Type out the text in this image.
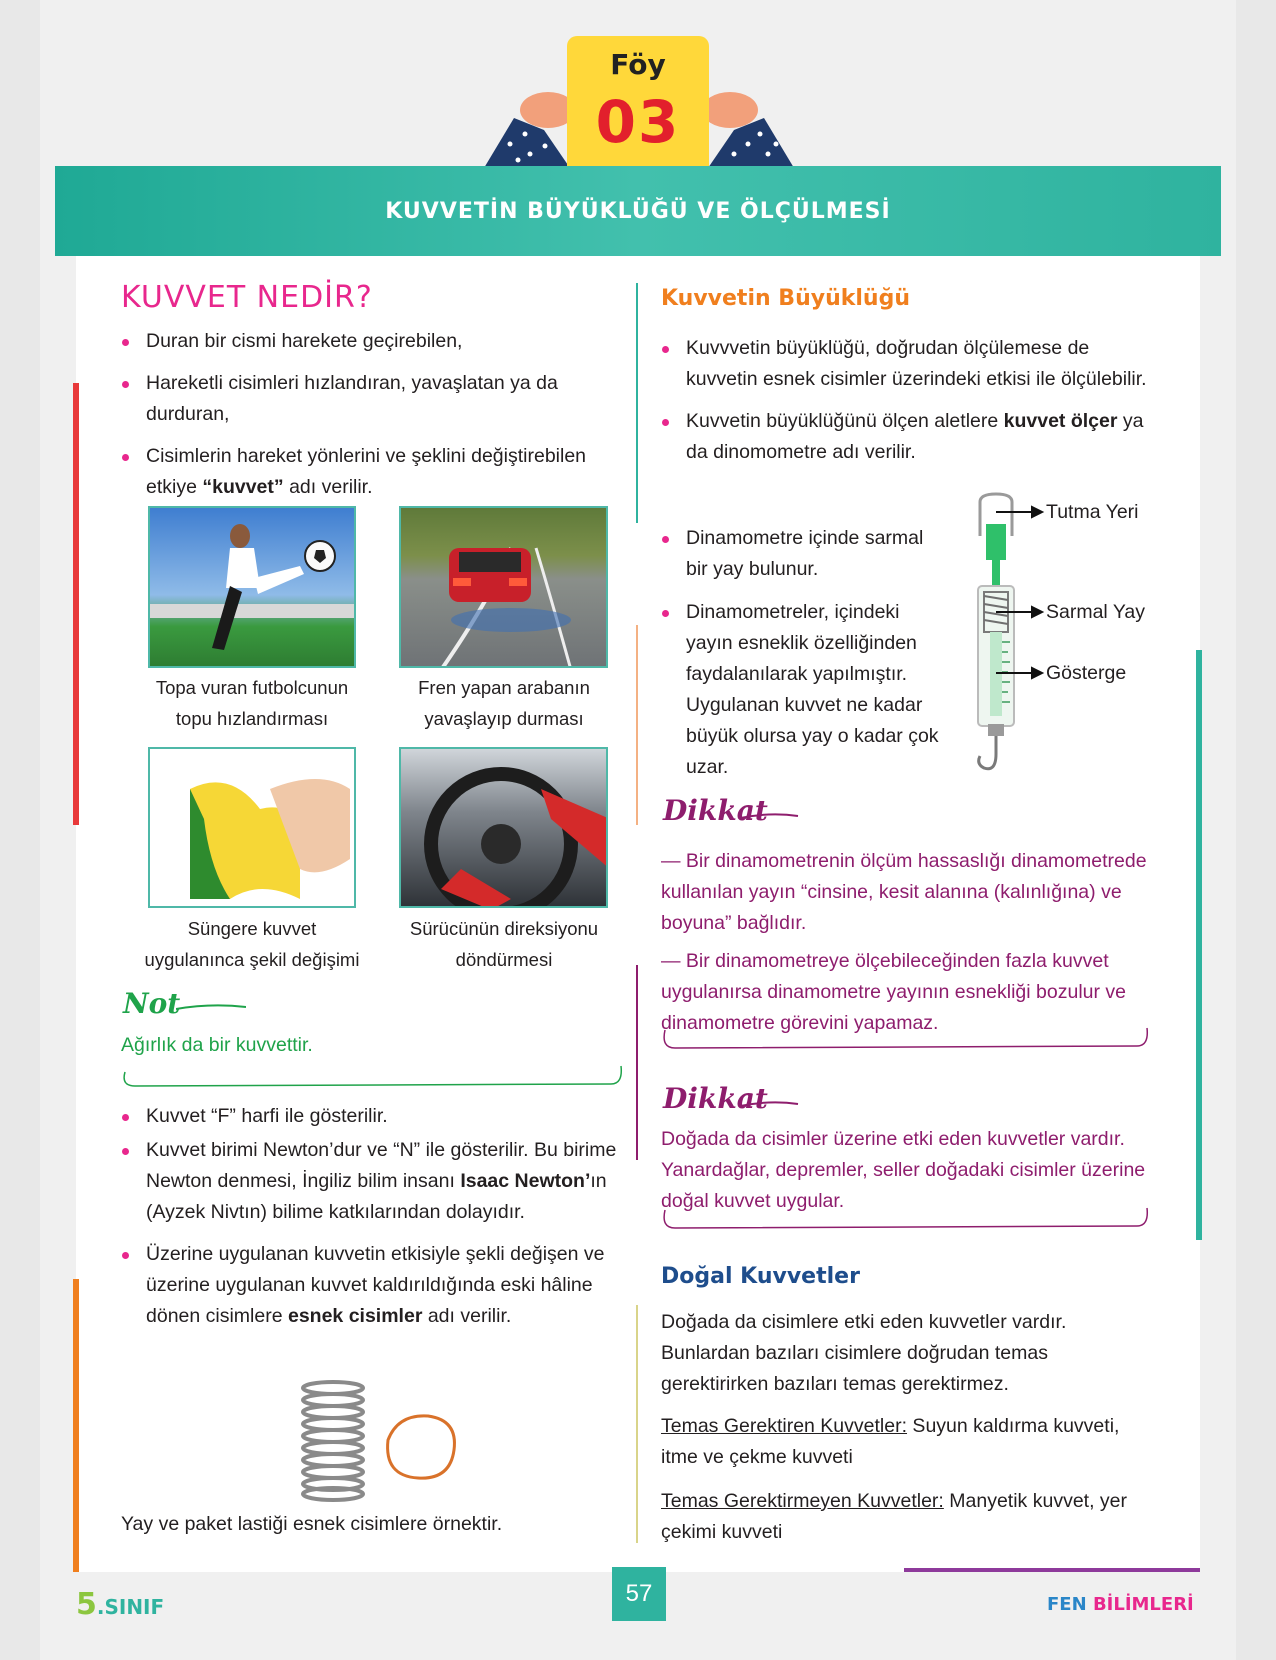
Föy
03
KUVVETİN BÜYÜKLÜĞÜ VE ÖLÇÜLMESİ
KUVVET NEDİR?
Duran bir cismi harekete geçirebilen,
Hareketli cisimleri hızlandıran, yavaşlatan ya da durduran,
Cisimlerin hareket yönlerini ve şeklini değiştirebilen
etkiye “kuvvet” adı verilir.
Topa vuran futbolcunun topu hızlandırması
Fren yapan arabanın yavaşlayıp durması
Süngere kuvvet uygulanınca şekil değişimi
Sürücünün direksiyonu döndürmesi
Not
Ağırlık da bir kuvvettir.
Kuvvet “F” harfi ile gösterilir.
Kuvvet birimi Newton’dur ve “N” ile gösterilir. Bu birime Newton denmesi, İngiliz bilim insanı Isaac Newton’ın (Ayzek Nivtın) bilime katkılarından dolayıdır.
Üzerine uygulanan kuvvetin etkisiyle şekli değişen ve üzerine uygulanan kuvvet kaldırıldığında eski hâline dönen cisimlere esnek cisimler adı verilir.
Yay ve paket lastiği esnek cisimlere örnektir.
Kuvvetin Büyüklüğü
Kuvvvetin büyüklüğü, doğrudan ölçülemese de kuvvetin esnek cisimler üzerindeki etkisi ile ölçülebilir.
Kuvvetin büyüklüğünü ölçen aletlere kuvvet ölçer ya da dinomometre adı verilir.
Dinamometre içinde sarmal bir yay bulunur.
Dinamometreler, içindeki yayın esneklik özelliğinden faydalanılarak yapılmıştır. Uygulanan kuvvet ne kadar büyük olursa yay o kadar çok uzar.
Tutma Yeri
Sarmal Yay
Gösterge
Dikkat
— Bir dinamometrenin ölçüm hassaslığı dinamometrede kullanılan yayın “cinsine, kesit alanına (kalınlığına) ve boyuna” bağlıdır.
— Bir dinamometreye ölçebileceğinden fazla kuvvet uygulanırsa dinamometre yayının esnekliği bozulur ve dinamometre görevini yapamaz.
Dikkat
Doğada da cisimler üzerine etki eden kuvvetler vardır. Yanardağlar, depremler, seller doğadaki cisimler üzerine doğal kuvvet uygular.
Doğal Kuvvetler
Doğada da cisimlere etki eden kuvvetler vardır. Bunlardan bazıları cisimlere doğrudan temas gerektirirken bazıları temas gerektirmez.
Temas Gerektiren Kuvvetler: Suyun kaldırma kuvveti, itme ve çekme kuvveti
Temas Gerektirmeyen Kuvvetler: Manyetik kuvvet, yer çekimi kuvveti
57
5.SINIF	FEN BİLİMLERİ
